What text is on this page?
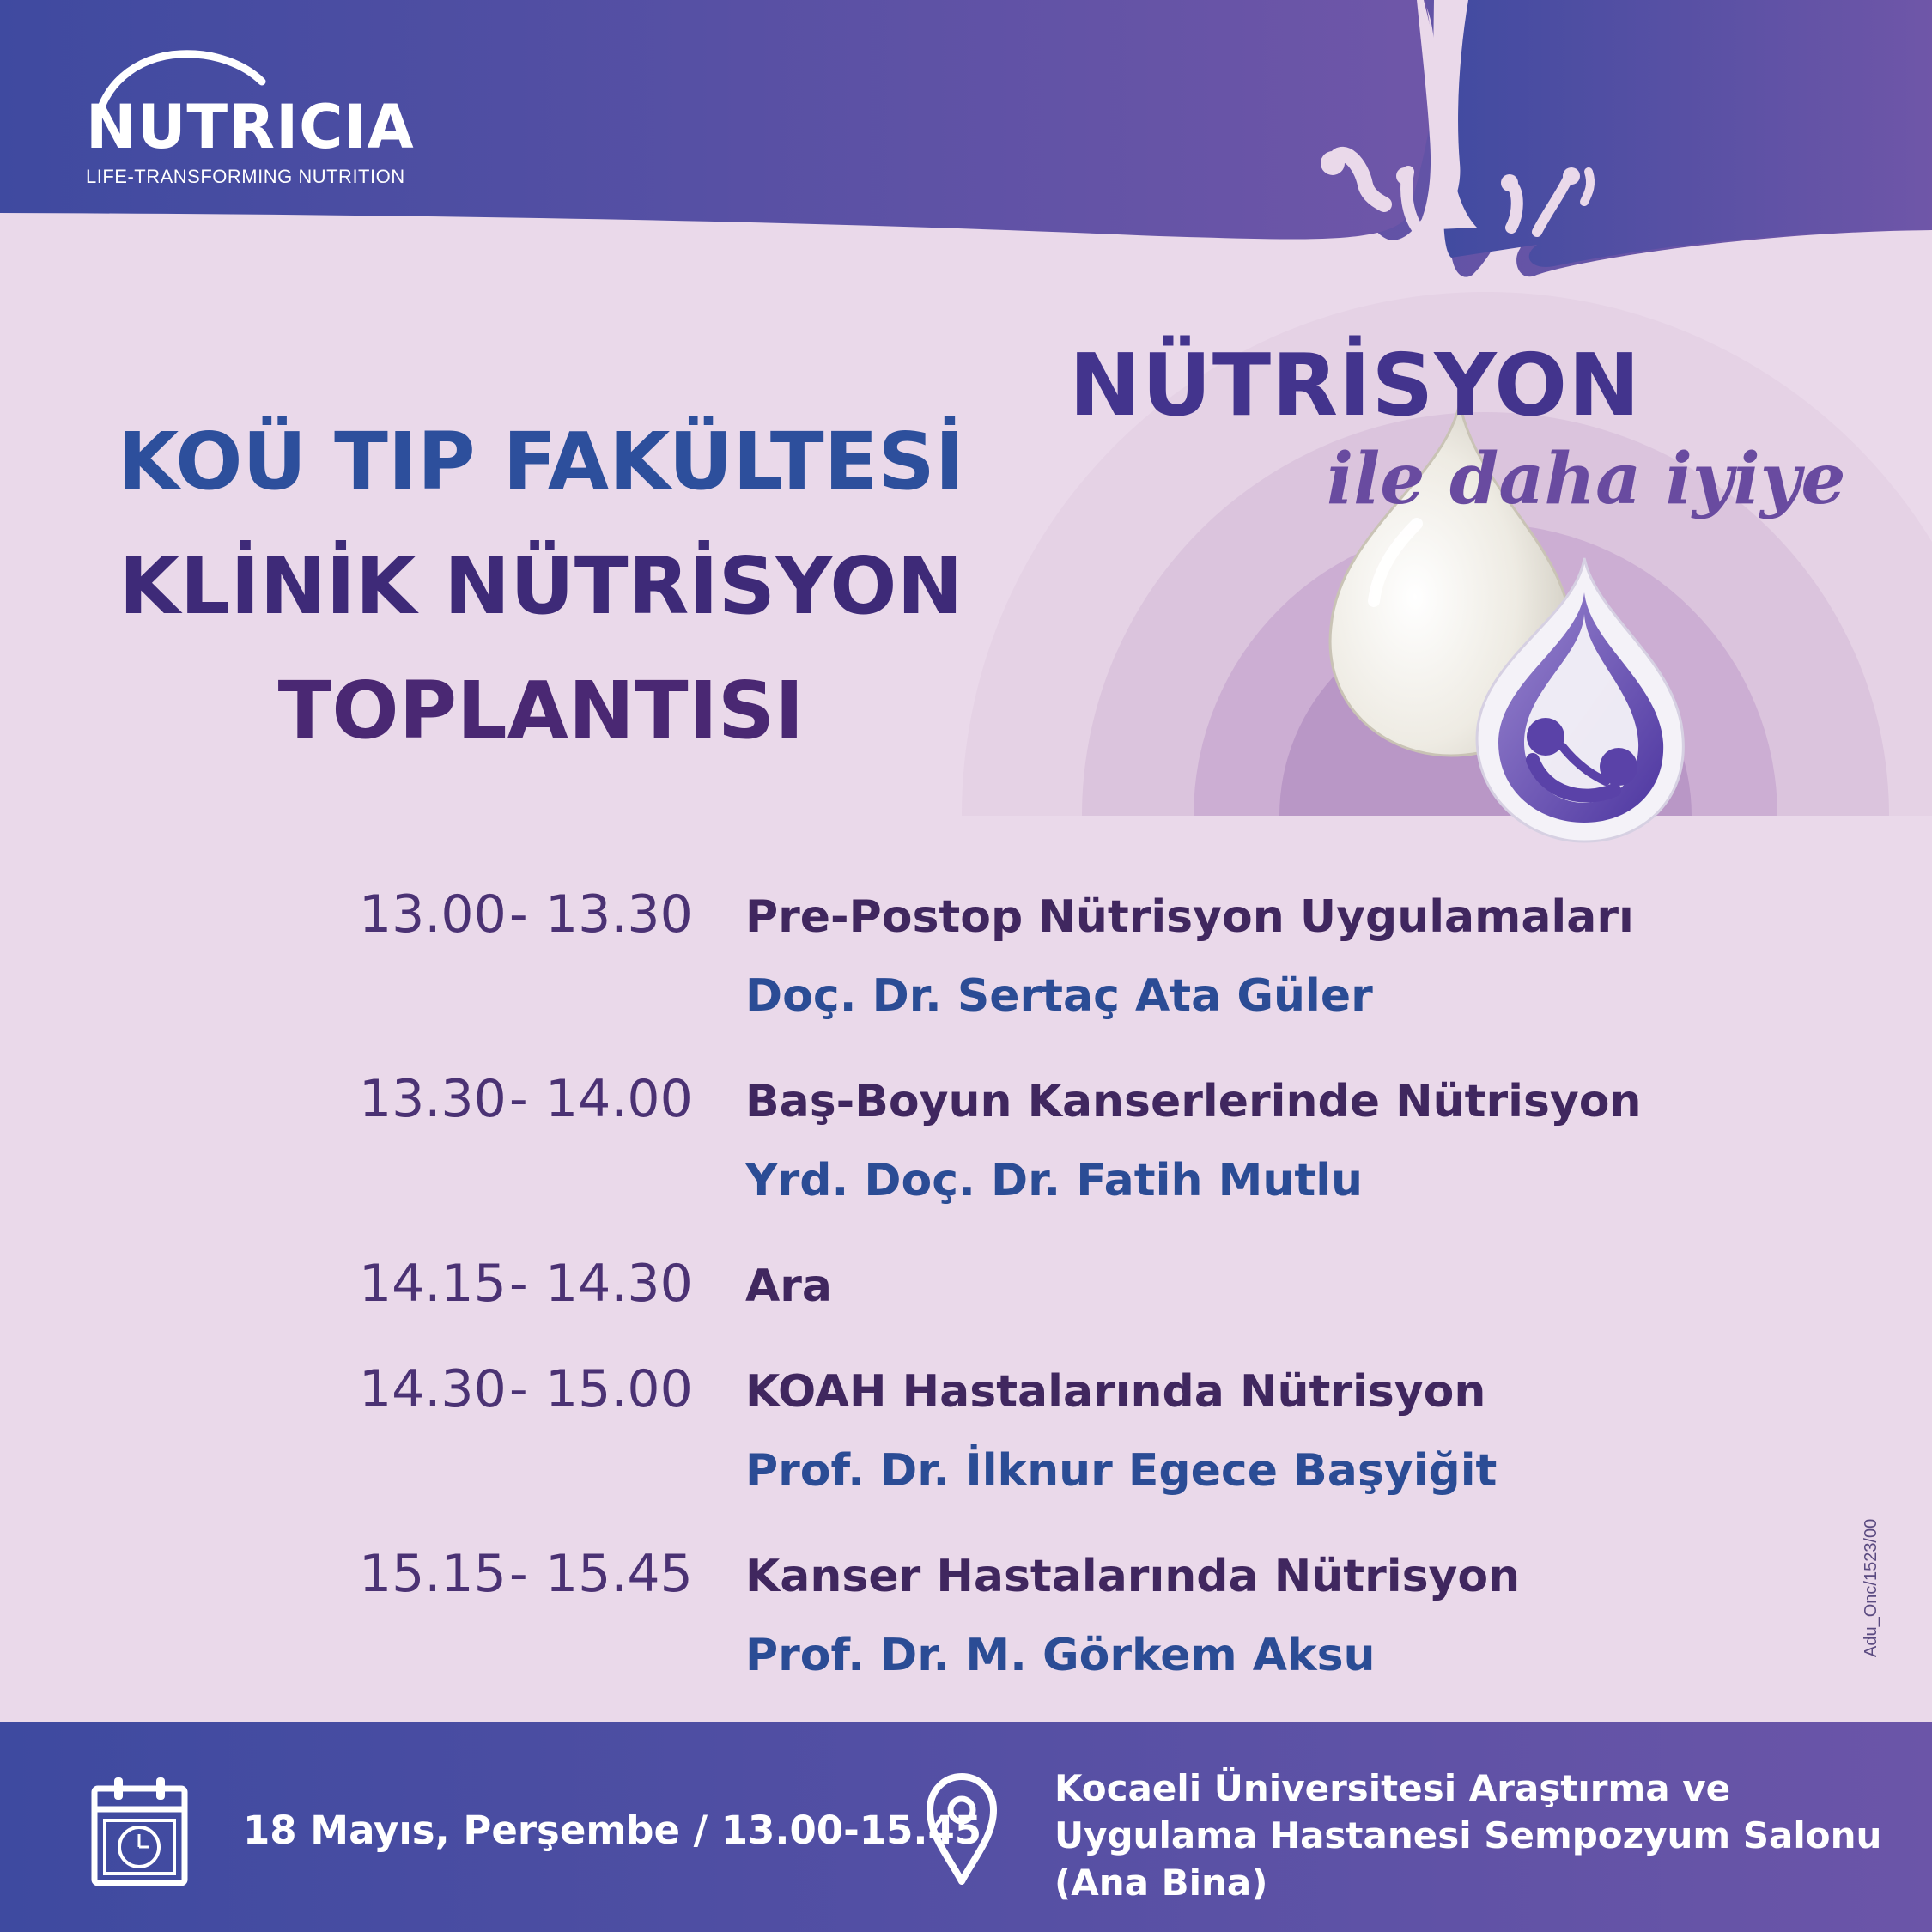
NUTRICIA
LIFE-TRANSFORMING NUTRITION
KOÜ TIP FAKÜLTESİ
KLİNİK NÜTRİSYON
TOPLANTISI
NÜTRİSYON
ile daha iyiye
13.00 - 13.30 Pre-Postop Nütrisyon Uygulamaları
Doç. Dr. Sertaç Ata Güler
13.30 - 14.00 Baş-Boyun Kanserlerinde Nütrisyon
Yrd. Doç. Dr. Fatih Mutlu
14.15 - 14.30 Ara
14.30 - 15.00 KOAH Hastalarında Nütrisyon
Prof. Dr. İlknur Egece Başyiğit
15.15 - 15.45 Kanser Hastalarında Nütrisyon
Prof. Dr. M. Görkem Aksu	Adu_Onc/1523/00
18 Mayıs, Perşembe / 13.00-15.45
Kocaeli Üniversitesi Araştırma ve
Uygulama Hastanesi Sempozyum Salonu
(Ana Bina)
